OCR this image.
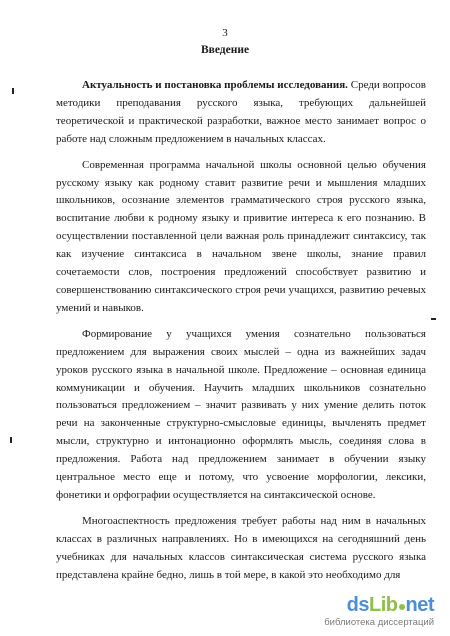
3
Введение

Актуальность и постановка проблемы исследования. Среди вопросов методики преподавания русского языка, требующих дальнейшей теоретической и практической разработки, важное место занимает вопрос о работе над сложным предложением в начальных классах.

Современная программа начальной школы основной целью обучения русскому языку как родному ставит развитие речи и мышления младших школьников, осознание элементов грамматического строя русского языка, воспитание любви к родному языку и привитие интереса к его познанию. В осуществлении поставленной цели важная роль принадлежит синтаксису, так как изучение синтаксиса в начальном звене школы, знание правил сочетаемости слов, построения предложений способствует развитию и совершенствованию синтаксического строя речи учащихся, развитию речевых умений и навыков.

Формирование у учащихся умения сознательно пользоваться предложением для выражения своих мыслей – одна из важнейших задач уроков русского языка в начальной школе. Предложение – основная единица коммуникации и обучения. Научить младших школьников сознательно пользоваться предложением – значит развивать у них умение делить поток речи на законченные структурно-смысловые единицы, вычленять предмет мысли, структурно и интонационно оформлять мысль, соединяя слова в предложения. Работа над предложением занимает в обучении языку центральное место еще и потому, что усвоение морфологии, лексики, фонетики и орфографии осуществляется на синтаксической основе.

Многоаспектность предложения требует работы над ним в начальных классах в различных направлениях. Но в имеющихся на сегодняшний день учебниках для начальных классов синтаксическая система русского языка представлена крайне бедно, лишь в той мере, в какой это необходимо для

dsLib net
библиотека диссертаций
